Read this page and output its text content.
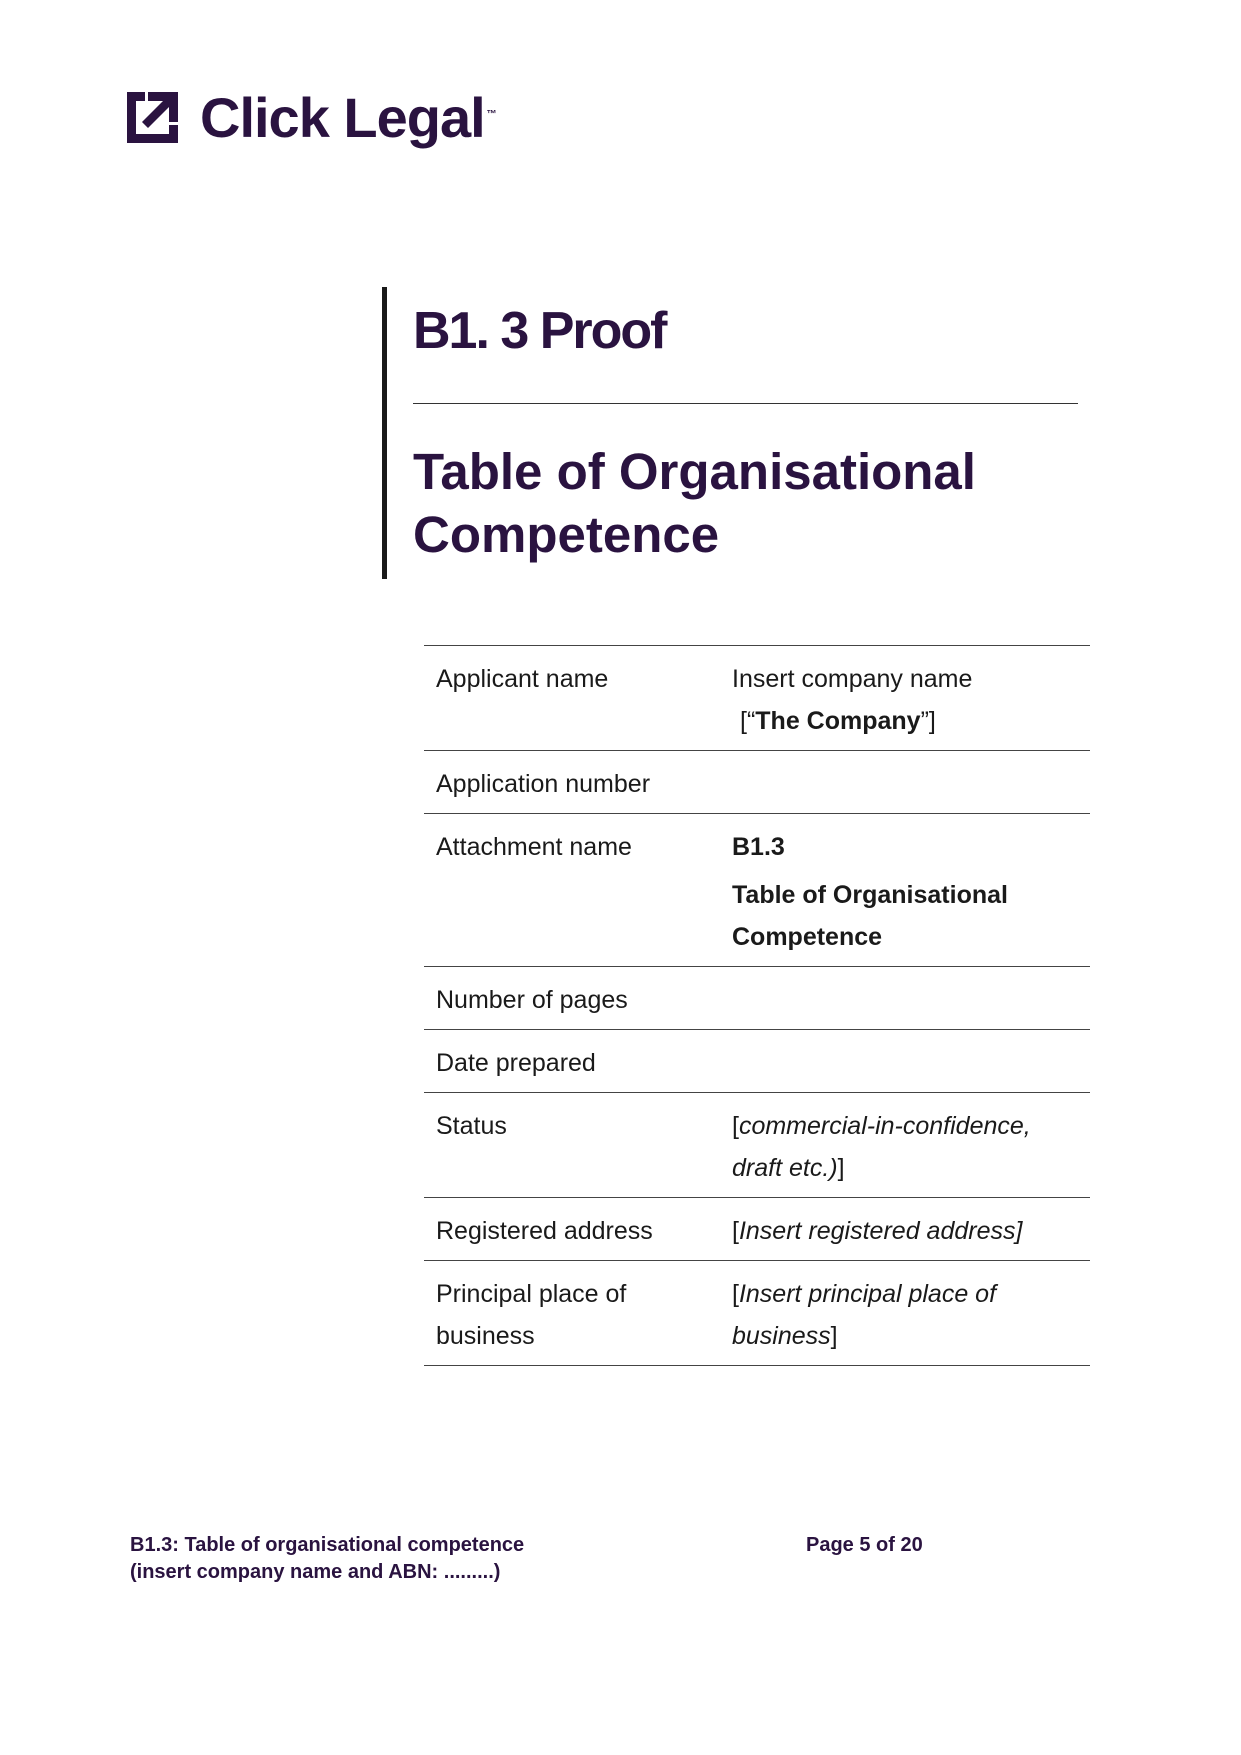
Click Legal ™
B1. 3 Proof
Table of Organisational Competence
Applicant name	Insert company name
[“The Company”]

Application number	
Attachment name	B1.3
Table of Organisational Competence

Number of pages	
Date prepared	
Status	[commercial-in-confidence, draft etc.)]
Registered address	[Insert registered address]
Principal place of business	[Insert principal place of business]
B1.3: Table of organisational competence
(insert company name and ABN: .........)
Page 5 of 20
